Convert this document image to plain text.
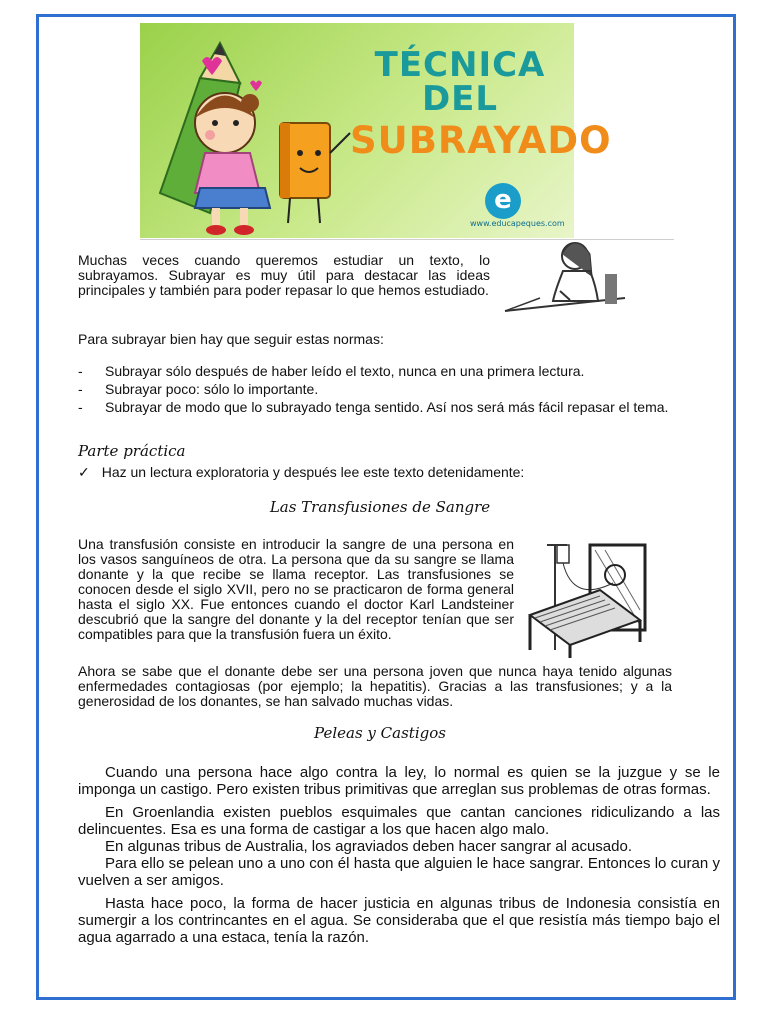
TÉCNICA DEL
SUBRAYADO
e
www.educapeques.com
Muchas veces cuando queremos estudiar un texto, lo subrayamos. Subrayar es muy útil para destacar las ideas principales y también para poder repasar lo que hemos estudiado.
Para subrayar bien hay que seguir estas normas:
- Subrayar sólo después de haber leído el texto, nunca en una primera lectura.
- Subrayar poco: sólo lo importante.
- Subrayar de modo que lo subrayado tenga sentido. Así nos será más fácil repasar el tema.
Parte práctica
✓ Haz un lectura exploratoria y después lee este texto detenidamente:
Las Transfusiones de Sangre
Una transfusión consiste en introducir la sangre de una persona en los vasos sanguíneos de otra. La persona que da su sangre se llama donante y la que recibe se llama receptor. Las transfusiones se conocen desde el siglo XVII, pero no se practicaron de forma general hasta el siglo XX. Fue entonces cuando el doctor Karl Landsteiner descubrió que la sangre del donante y la del receptor tenían que ser compatibles para que la transfusión fuera un éxito.
Ahora se sabe que el donante debe ser una persona joven que nunca haya tenido algunas enfermedades contagiosas (por ejemplo; la hepatitis). Gracias a las transfusiones; y a la generosidad de los donantes, se han salvado muchas vidas.
Peleas y Castigos

Cuando una persona hace algo contra la ley, lo normal es quien se la juzgue y se le imponga un castigo. Pero existen tribus primitivas que arreglan sus problemas de otras formas.

En Groenlandia existen pueblos esquimales que cantan canciones ridiculizando a las delincuentes. Esa es una forma de castigar a los que hacen algo malo.

En algunas tribus de Australia, los agraviados deben hacer sangrar al acusado.

Para ello se pelean uno a uno con él hasta que alguien le hace sangrar. Entonces lo curan y vuelven a ser amigos.

Hasta hace poco, la forma de hacer justicia en algunas tribus de Indonesia consistía en sumergir a los contrincantes en el agua. Se consideraba que el que resistía más tiempo bajo el agua agarrado a una estaca, tenía la razón.
